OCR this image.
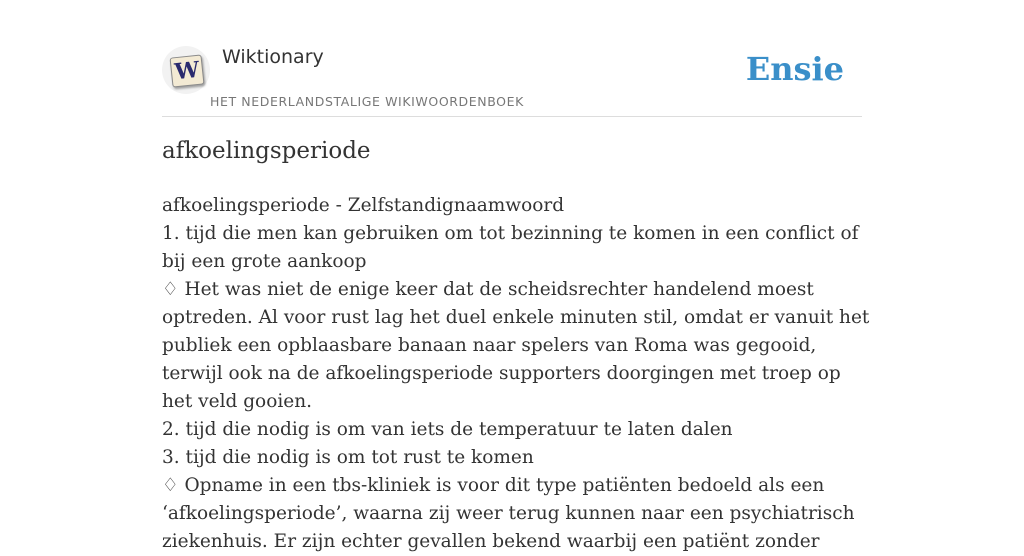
W Wiktionary
HET NEDERLANDSTALIGE WIKIWOORDENBOEK
Ensie
afkoelingsperiode

afkoelingsperiode - Zelfstandignaamwoord

1. tijd die men kan gebruiken om tot bezinning te komen in een conflict of bij een grote aankoop

♢ Het was niet de enige keer dat de scheidsrechter handelend moest optreden. Al voor rust lag het duel enkele minuten stil, omdat er vanuit het publiek een opblaasbare banaan naar spelers van Roma was gegooid, terwijl ook na de afkoelingsperiode supporters doorgingen met troep op het veld gooien.

2. tijd die nodig is om van iets de temperatuur te laten dalen

3. tijd die nodig is om tot rust te komen

♢ Opname in een tbs-kliniek is voor dit type patiënten bedoeld als een ‘afkoelingsperiode’, waarna zij weer terug kunnen naar een psychiatrisch ziekenhuis. Er zijn echter gevallen bekend waarbij een patiënt zonder
